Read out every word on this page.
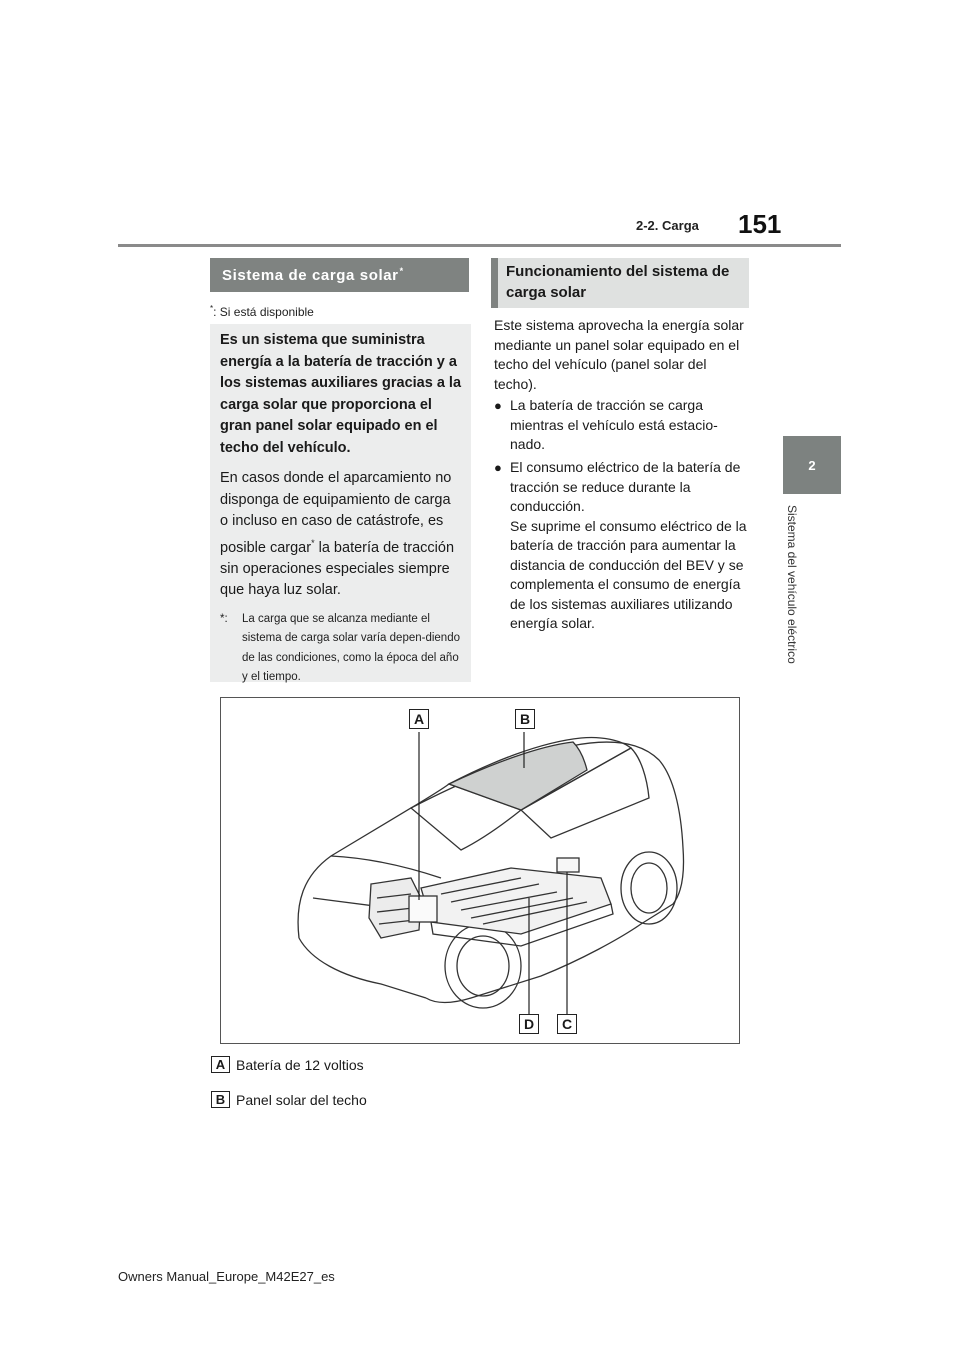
2-2. Carga 151
2
Sistema del vehículo eléctrico
Sistema de carga solar*
*: Si está disponible

Es un sistema que suministra energía a la batería de tracción y a los sistemas auxiliares gracias a la carga solar que proporciona el gran panel solar equipado en el techo del vehículo.

En casos donde el aparcamiento no disponga de equipamiento de carga o incluso en caso de catástrofe, es posible cargar* la batería de tracción sin operaciones especiales siempre que haya luz solar.

*:	La carga que se alcanza mediante el sistema de carga solar varía depen-diendo de las condiciones, como la época del año y el tiempo.
Funcionamiento del sistema de carga solar
Este sistema aprovecha la energía solar mediante un panel solar equipado en el techo del vehículo (panel solar del techo).
● La batería de tracción se carga mientras el vehículo está estacio-nado.
● El consumo eléctrico de la batería de tracción se reduce durante la conducción.
Se suprime el consumo eléctrico de la batería de tracción para aumentar la distancia de conducción del BEV y se complementa el consumo de energía de los sistemas auxiliares utilizando energía solar.
A	B
C
D
A Batería de 12 voltios
B Panel solar del techo
Owners Manual_Europe_M42E27_es
